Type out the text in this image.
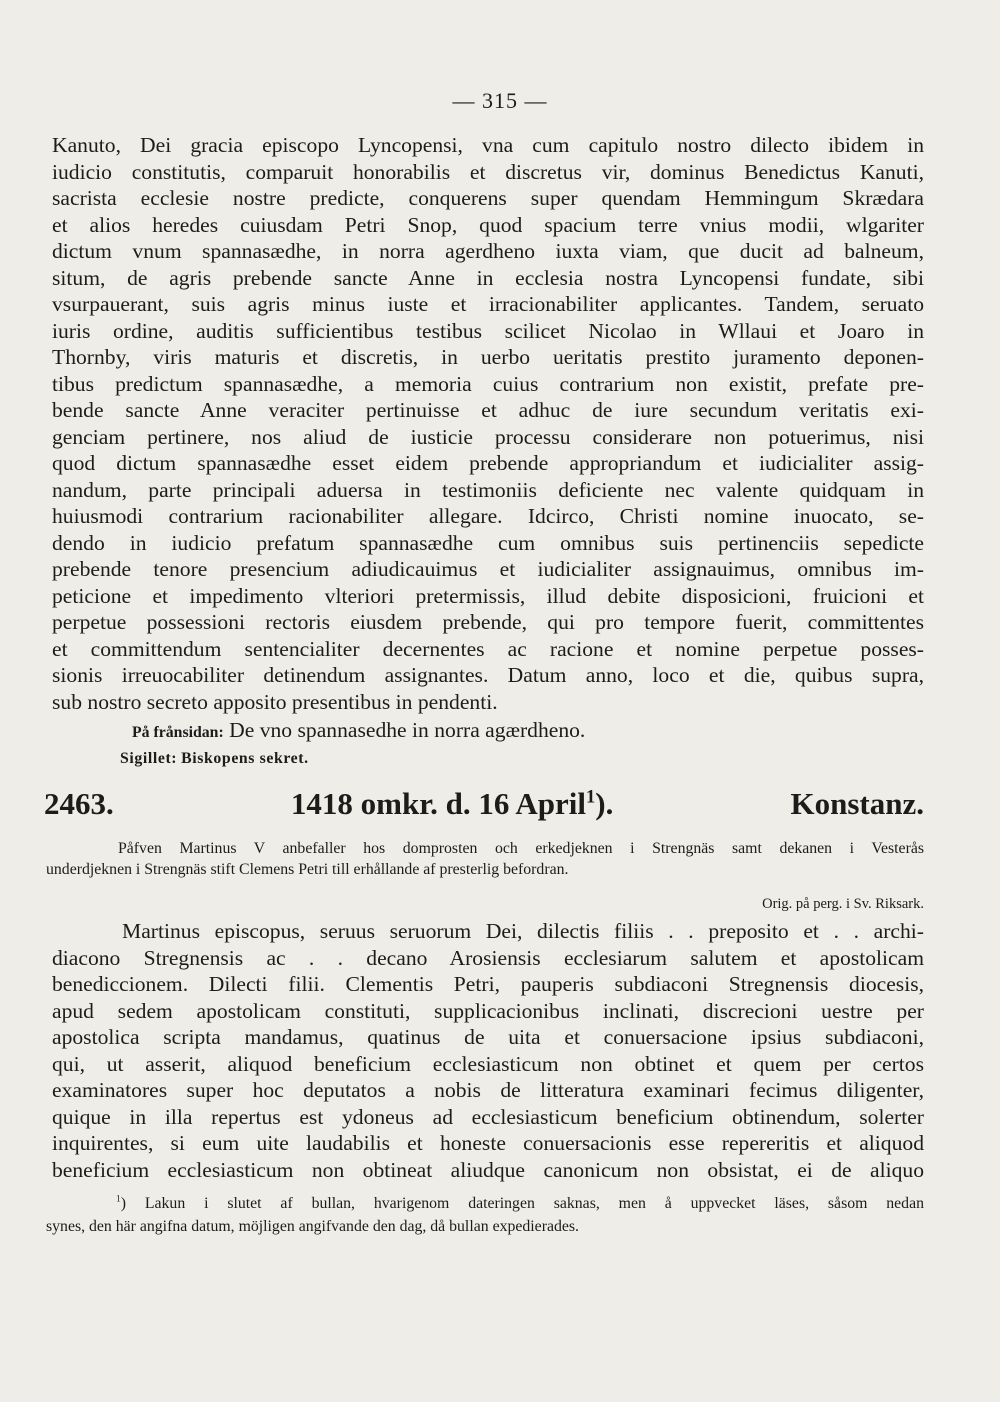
— 315 —
Kanuto, Dei gracia episcopo Lyncopensi, vna cum capitulo nostro dilecto ibidem in
iudicio constitutis, comparuit honorabilis et discretus vir, dominus Benedictus Kanuti,
sacrista ecclesie nostre predicte, conquerens super quendam Hemmingum Skrædara
et alios heredes cuiusdam Petri Snop, quod spacium terre vnius modii, wlgariter
dictum vnum spannasædhe, in norra agerdheno iuxta viam, que ducit ad balneum,
situm, de agris prebende sancte Anne in ecclesia nostra Lyncopensi fundate, sibi
vsurpauerant, suis agris minus iuste et irracionabiliter applicantes. Tandem, seruato
iuris ordine, auditis sufficientibus testibus scilicet Nicolao in Wllaui et Joaro in
Thornby, viris maturis et discretis, in uerbo ueritatis prestito juramento deponen-
tibus predictum spannasædhe, a memoria cuius contrarium non existit, prefate pre-
bende sancte Anne veraciter pertinuisse et adhuc de iure secundum veritatis exi-
genciam pertinere, nos aliud de iusticie processu considerare non potuerimus, nisi
quod dictum spannasædhe esset eidem prebende appropriandum et iudicialiter assig-
nandum, parte principali aduersa in testimoniis deficiente nec valente quidquam in
huiusmodi contrarium racionabiliter allegare. Idcirco, Christi nomine inuocato, se-
dendo in iudicio prefatum spannasædhe cum omnibus suis pertinenciis sepedicte
prebende tenore presencium adiudicauimus et iudicialiter assignauimus, omnibus im-
peticione et impedimento vlteriori pretermissis, illud debite disposicioni, fruicioni et
perpetue possessioni rectoris eiusdem prebende, qui pro tempore fuerit, committentes
et committendum sentencialiter decernentes ac racione et nomine perpetue posses-
sionis irreuocabiliter detinendum assignantes. Datum anno, loco et die, quibus supra,
sub nostro secreto apposito presentibus in pendenti.
På frånsidan: De vno spannasedhe in norra agærdheno.
Sigillet: Biskopens sekret.
2463.	1418 omkr. d. 16 April$^1$).	Konstanz.
Påfven Martinus V anbefaller hos domprosten och erkedjeknen i Strengnäs samt dekanen i Vesterås
underdjeknen i Strengnäs stift Clemens Petri till erhållande af presterlig befordran.
Orig. på perg. i Sv. Riksark.
Martinus episcopus, seruus seruorum Dei, dilectis filiis . . preposito et . . archi-
diacono Stregnensis ac . . decano Arosiensis ecclesiarum salutem et apostolicam
benediccionem. Dilecti filii. Clementis Petri, pauperis subdiaconi Stregnensis diocesis,
apud sedem apostolicam constituti, supplicacionibus inclinati, discrecioni uestre per
apostolica scripta mandamus, quatinus de uita et conuersacione ipsius subdiaconi,
qui, ut asserit, aliquod beneficium ecclesiasticum non obtinet et quem per certos
examinatores super hoc deputatos a nobis de litteratura examinari fecimus diligenter,
quique in illa repertus est ydoneus ad ecclesiasticum beneficium obtinendum, solerter
inquirentes, si eum uite laudabilis et honeste conuersacionis esse repereritis et aliquod
beneficium ecclesiasticum non obtineat aliudque canonicum non obsistat, ei de aliquo
$^1$) Lakun i slutet af bullan, hvarigenom dateringen saknas, men å uppvecket läses, såsom nedan
synes, den här angifna datum, möjligen angifvande den dag, då bullan expedierades.
